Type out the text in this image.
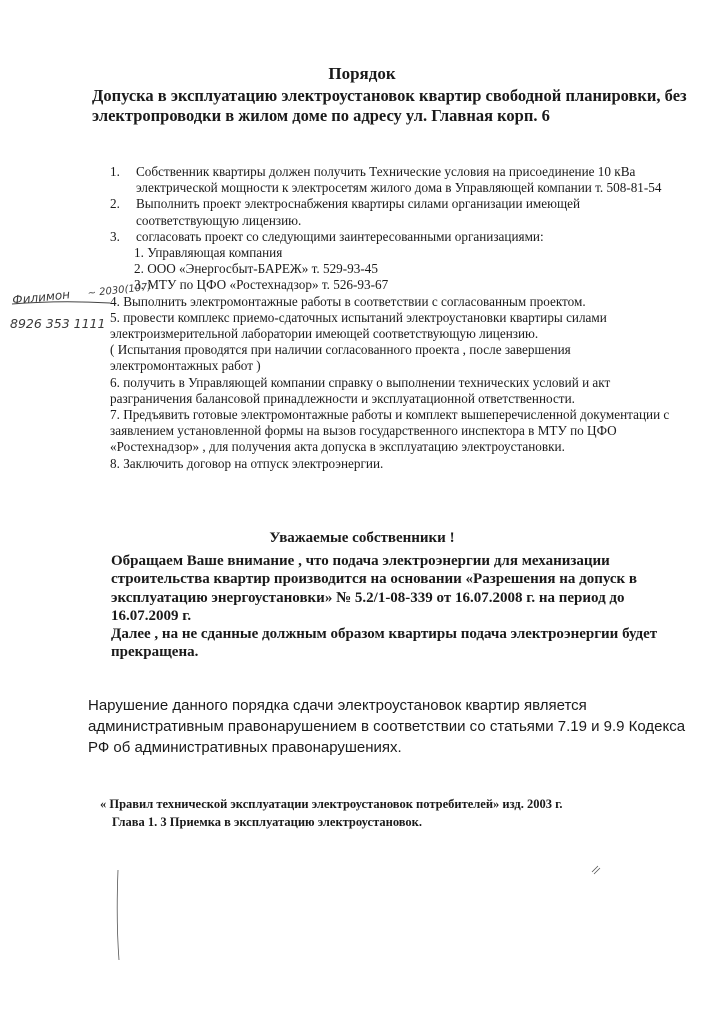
Порядок
Допуска в эксплуатацию электроустановок квартир свободной планировки, без электропроводки в жилом доме по адресу ул. Главная корп. 6
1.	Собственник квартиры должен получить Технические условия на присоединение 10 кВа электрической мощности к электросетям жилого дома в Управляющей компании т. 508-81-54
2.	Выполнить проект электроснабжения квартиры силами организации имеющей соответствующую лицензию.
3.	согласовать проект со следующими заинтересованными организациями:
1. Управляющая компания
2. ООО «Энергосбыт-БАРЕЖ» т. 529-93-45
3. МТУ по ЦФО «Ростехнадзор» т. 526-93-67
4. Выполнить электромонтажные работы в соответствии с согласованным проектом.
5. провести комплекс приемо-сдаточных испытаний электроустановки квартиры силами электроизмерительной лаборатории имеющей соответствующую лицензию.
( Испытания проводятся при наличии согласованного проекта , после завершения электромонтажных работ )
6. получить в Управляющей компании справку о выполнении технических условий и акт разграничения балансовой принадлежности и эксплуатационной ответственности.
7. Предъявить готовые электромонтажные работы и комплект вышеперечисленной документации с заявлением установленной формы на вызов государственного инспектора в МТУ по ЦФО «Ростехнадзор» , для получения акта допуска в эксплуатацию электроустановки.
8. Заключить договор на отпуск электроэнергии.
Уважаемые собственники !
Обращаем Ваше внимание , что подача электроэнергии для механизации строительства квартир производится на основании «Разрешения на допуск в эксплуатацию энергоустановки» № 5.2/1-08-339 от 16.07.2008 г. на период до 16.07.2009 г.
Далее , на не сданные должным образом квартиры подача электроэнергии будет прекращена.
Нарушение данного порядка сдачи электроустановок квартир является административным правонарушением в соответствии со статьями 7.19 и 9.9 Кодекса РФ об административных правонарушениях.
« Правил технической эксплуатации электроустановок потребителей» изд. 2003 г.
Глава 1. 3 Приемка в эксплуатацию электроустановок.
Филимон ~ 2030(107)
8926 353 1111
